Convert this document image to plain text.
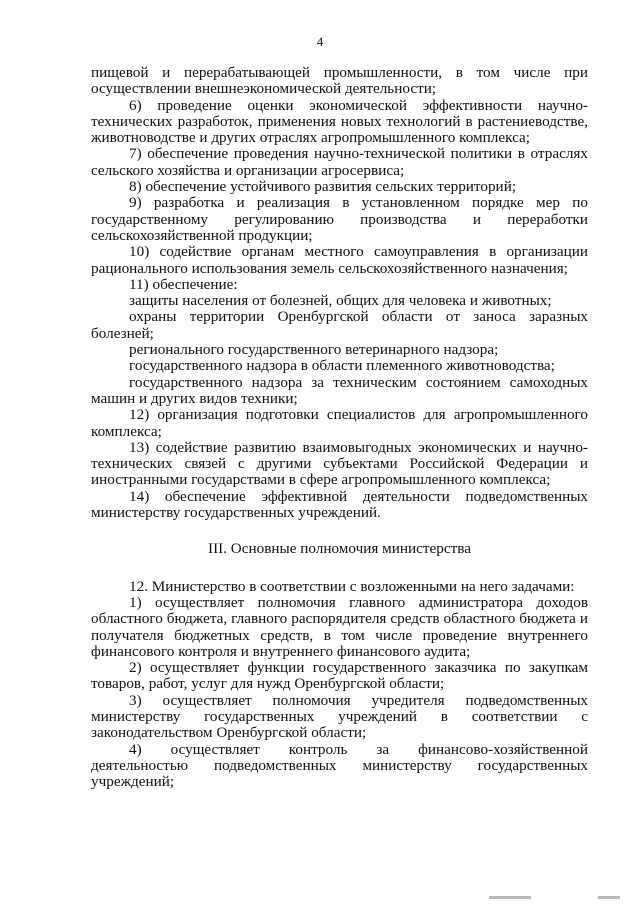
4

пищевой и перерабатывающей промышленности, в том числе при осуществлении внешнеэкономической деятельности;

6) проведение оценки экономической эффективности научно-технических разработок, применения новых технологий в растениеводстве, животноводстве и других отраслях агропромышленного комплекса;

7) обеспечение проведения научно-технической политики в отраслях сельского хозяйства и организации агросервиса;

8) обеспечение устойчивого развития сельских территорий;

9) разработка и реализация в установленном порядке мер по государственному регулированию производства и переработки сельскохозяйственной продукции;

10) содействие органам местного самоуправления в организации рационального использования земель сельскохозяйственного назначения;

11) обеспечение:

защиты населения от болезней, общих для человека и животных;

охраны территории Оренбургской области от заноса заразных болезней;

регионального государственного ветеринарного надзора;

государственного надзора в области племенного животноводства;

государственного надзора за техническим состоянием самоходных машин и других видов техники;

12) организация подготовки специалистов для агропромышленного комплекса;

13) содействие развитию взаимовыгодных экономических и научно-технических связей с другими субъектами Российской Федерации и иностранными государствами в сфере агропромышленного комплекса;

14) обеспечение эффективной деятельности подведомственных министерству государственных учреждений.

III. Основные полномочия министерства

12. Министерство в соответствии с возложенными на него задачами:

1) осуществляет полномочия главного администратора доходов областного бюджета, главного распорядителя средств областного бюджета и получателя бюджетных средств, в том числе проведение внутреннего финансового контроля и внутреннего финансового аудита;

2) осуществляет функции государственного заказчика по закупкам товаров, работ, услуг для нужд Оренбургской области;

3) осуществляет полномочия учредителя подведомственных министерству государственных учреждений в соответствии с законодательством Оренбургской области;

4) осуществляет контроль за финансово-хозяйственной деятельностью подведомственных министерству государственных учреждений;
